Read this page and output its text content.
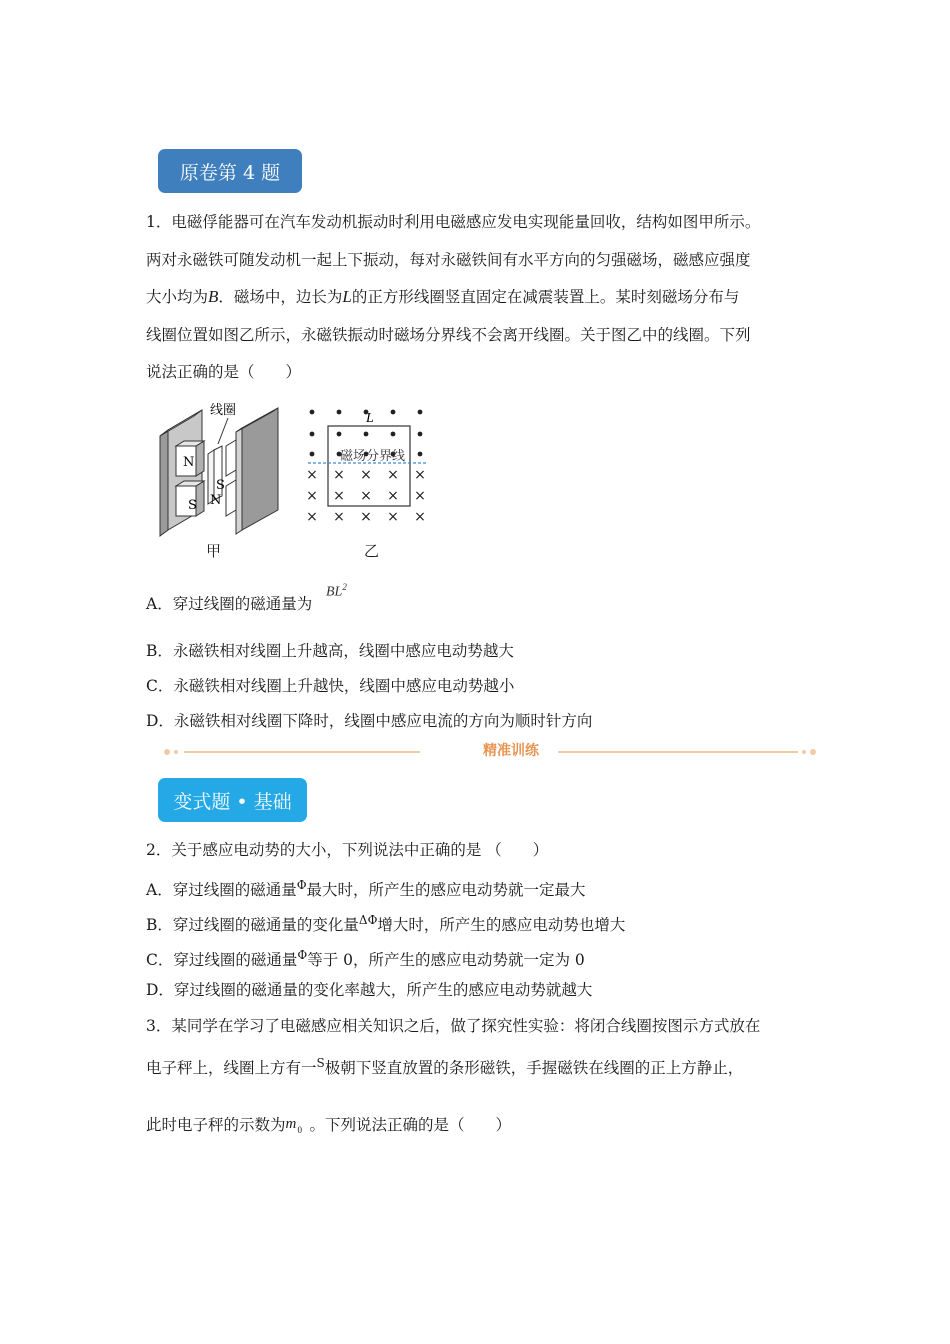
原卷第 4 题
1．电磁俘能器可在汽车发动机振动时利用电磁感应发电实现能量回收，结构如图甲所示。
两对永磁铁可随发动机一起上下振动，每对永磁铁间有水平方向的匀强磁场，磁感应强度
大小均为B．磁场中，边长为L的正方形线圈竖直固定在减震装置上。某时刻磁场分布与
线圈位置如图乙所示，永磁铁振动时磁场分界线不会离开线圈。关于图乙中的线圈。下列
说法正确的是（　　）
N
S
S
N
线圈
× × × × ×
× × × × ×
× × × × ×
L
磁场分界线
甲	乙
A．穿过线圈的磁通量为
$BL^2$
B．永磁铁相对线圈上升越高，线圈中感应电动势越大
C．永磁铁相对线圈上升越快，线圈中感应电动势越小
D．永磁铁相对线圈下降时，线圈中感应电流的方向为顺时针方向
精准训练
变式题 • 基础
2．关于感应电动势的大小，下列说法中正确的是 （　　）
A．穿过线圈的磁通量$^\Phi$最大时，所产生的感应电动势就一定最大
B．穿过线圈的磁通量的变化量$^{\Delta\Phi}$增大时，所产生的感应电动势也增大
C．穿过线圈的磁通量$^\Phi$等于 0，所产生的感应电动势就一定为 0
D．穿过线圈的磁通量的变化率越大，所产生的感应电动势就越大
3．某同学在学习了电磁感应相关知识之后，做了探究性实验：将闭合线圈按图示方式放在
电子秤上，线圈上方有一$^S$极朝下竖直放置的条形磁铁，手握磁铁在线圈的正上方静止，
此时电子秤的示数为 m 0 。下列说法正确的是（　　）
